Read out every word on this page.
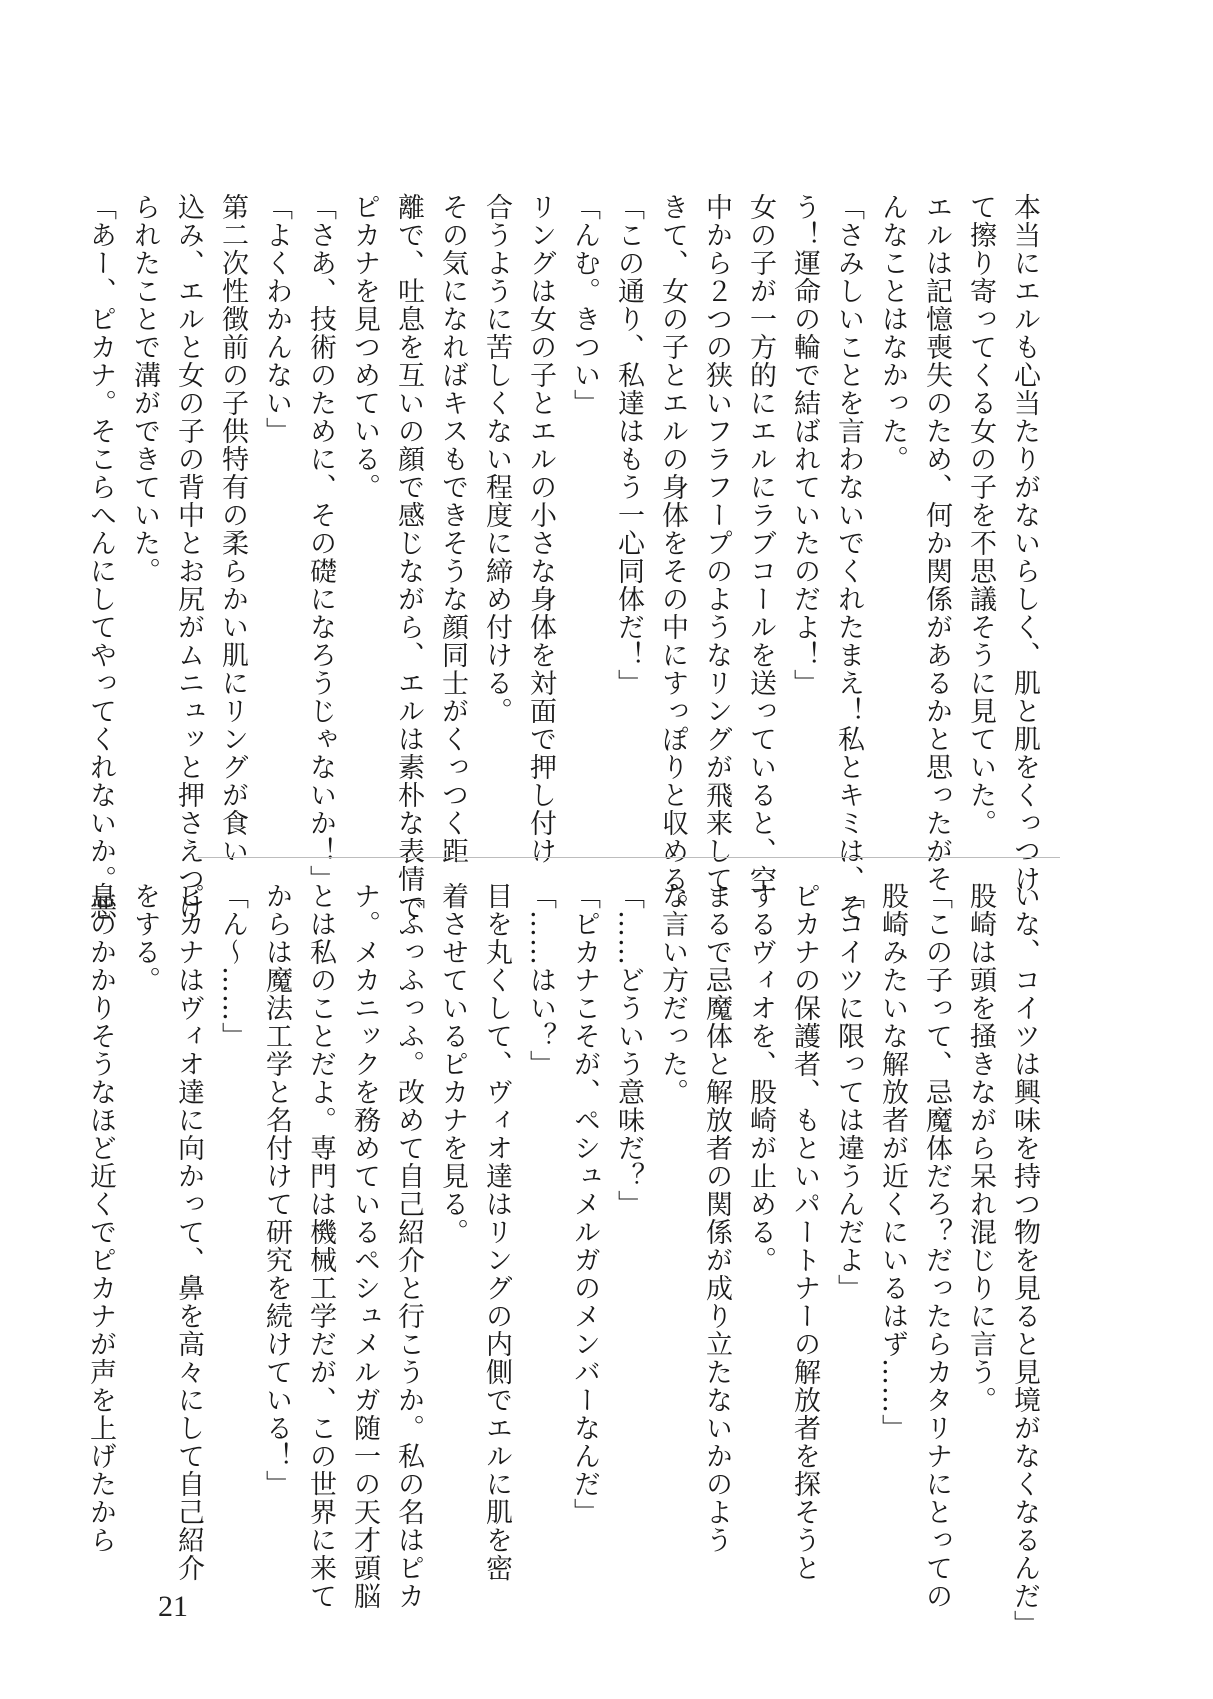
本当にエルも心当たりがないらしく、肌と肌をくっつけ
て擦り寄ってくる女の子を不思議そうに見ていた。
エルは記憶喪失のため、何か関係があるかと思ったがそ
んなことはなかった。
「さみしいことを言わないでくれたまえ！私とキミは、そ
う！運命の輪で結ばれていたのだよ！」
女の子が一方的にエルにラブコールを送っていると、空
中から２つの狭いフラフープのようなリングが飛来して
きて、女の子とエルの身体をその中にすっぽりと収める。
「この通り、私達はもう一心同体だ！」
「んむ。きつい」
リングは女の子とエルの小さな身体を対面で押し付け
合うように苦しくない程度に締め付ける。
その気になればキスもできそうな顔同士がくっつく距
離で、吐息を互いの顔で感じながら、エルは素朴な表情で
ピカナを見つめている。
「さあ、技術のために、その礎になろうじゃないか！」
「よくわかんない」
第二次性徴前の子供特有の柔らかい肌にリングが食い
込み、エルと女の子の背中とお尻がムニュッと押さえつけ
られたことで溝ができていた。
「あー、ピカナ。そこらへんにしてやってくれないか。悪
いな、コイツは興味を持つ物を見ると見境がなくなるんだ」
股崎は頭を掻きながら呆れ混じりに言う。
「この子って、忌魔体だろ？だったらカタリナにとっての
股崎みたいな解放者が近くにいるはず……」
「コイツに限っては違うんだよ」
ピカナの保護者、もといパートナーの解放者を探そうと
するヴィオを、股崎が止める。
まるで忌魔体と解放者の関係が成り立たないかのよう
な言い方だった。
「……どういう意味だ？」
「ピカナこそが、ペシュメルガのメンバーなんだ」
「……はい？」
目を丸くして、ヴィオ達はリングの内側でエルに肌を密
着させているピカナを見る。
「ふっふっふ。改めて自己紹介と行こうか。私の名はピカ
ナ。メカニックを務めているペシュメルガ随一の天才頭脳
とは私のことだよ。専門は機械工学だが、この世界に来て
からは魔法工学と名付けて研究を続けている！」
「ん～……」
ピカナはヴィオ達に向かって、鼻を高々にして自己紹介
をする。
息のかかりそうなほど近くでピカナが声を上げたから
21
